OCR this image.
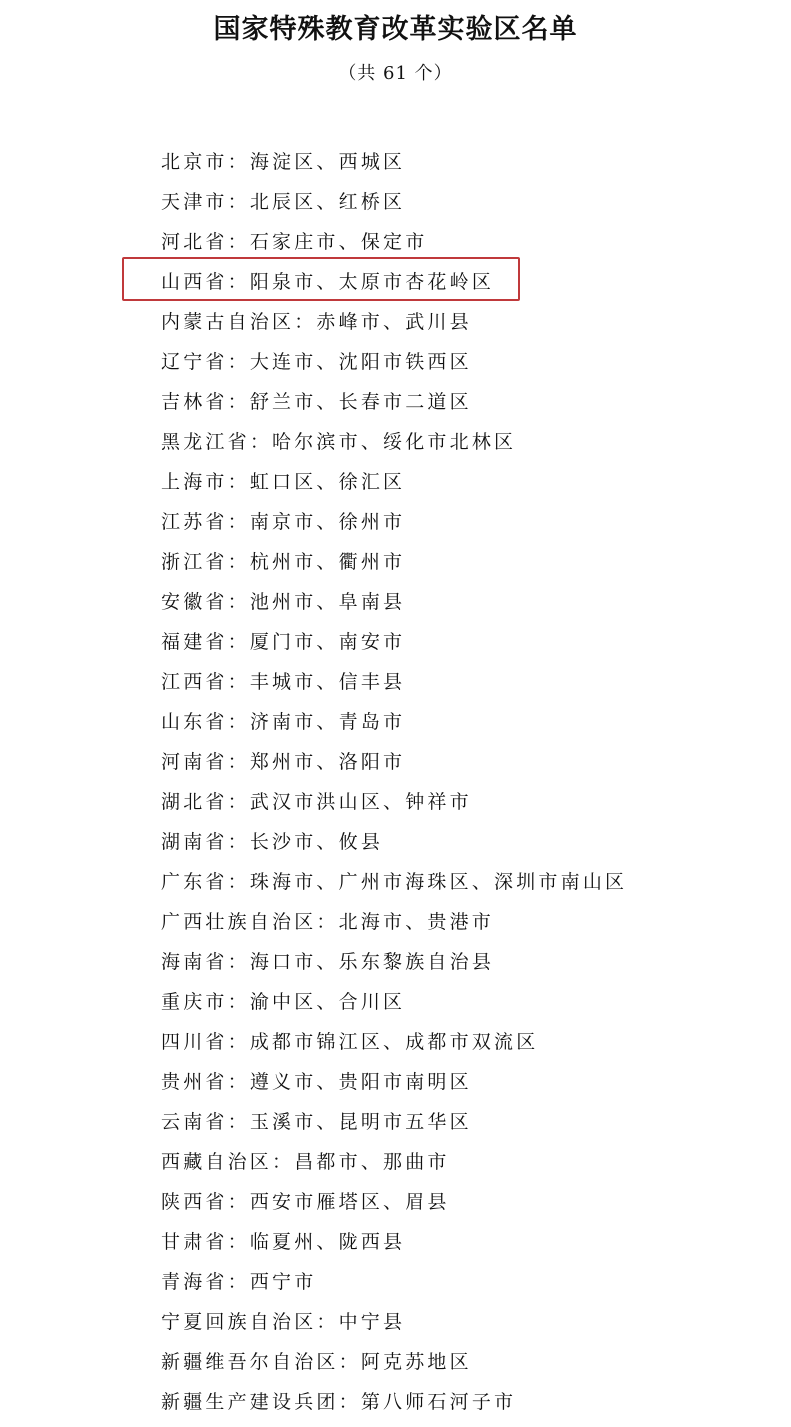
国家特殊教育改革实验区名单
（共 61 个）
北京市：海淀区、西城区
天津市：北辰区、红桥区
河北省：石家庄市、保定市
山西省：阳泉市、太原市杏花岭区
内蒙古自治区：赤峰市、武川县
辽宁省：大连市、沈阳市铁西区
吉林省：舒兰市、长春市二道区
黑龙江省：哈尔滨市、绥化市北林区
上海市：虹口区、徐汇区
江苏省：南京市、徐州市
浙江省：杭州市、衢州市
安徽省：池州市、阜南县
福建省：厦门市、南安市
江西省：丰城市、信丰县
山东省：济南市、青岛市
河南省：郑州市、洛阳市
湖北省：武汉市洪山区、钟祥市
湖南省：长沙市、攸县
广东省：珠海市、广州市海珠区、深圳市南山区
广西壮族自治区：北海市、贵港市
海南省：海口市、乐东黎族自治县
重庆市：渝中区、合川区
四川省：成都市锦江区、成都市双流区
贵州省：遵义市、贵阳市南明区
云南省：玉溪市、昆明市五华区
西藏自治区：昌都市、那曲市
陕西省：西安市雁塔区、眉县
甘肃省：临夏州、陇西县
青海省：西宁市
宁夏回族自治区：中宁县
新疆维吾尔自治区：阿克苏地区
新疆生产建设兵团：第八师石河子市
